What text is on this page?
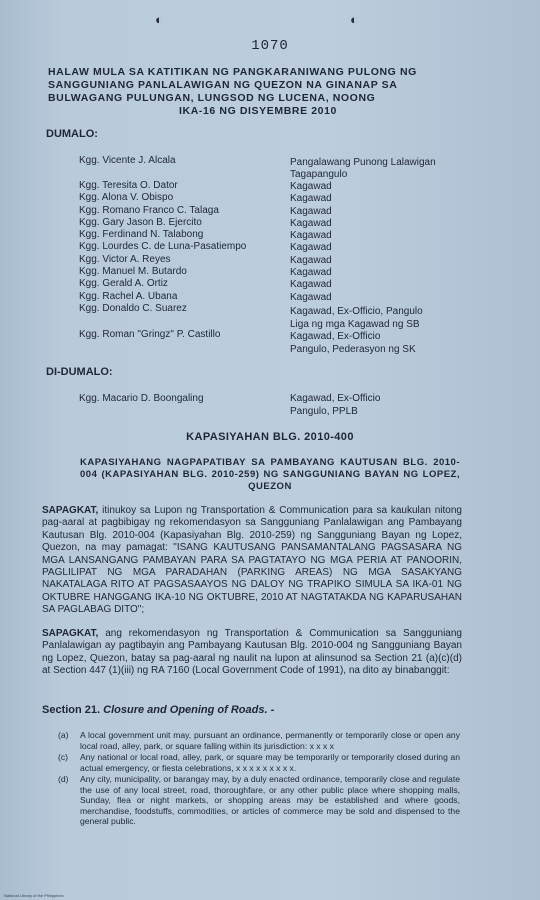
◐	◐
1070
HALAW MULA SA KATITIKAN NG PANGKARANIWANG PULONG NG
SANGGUNIANG PANLALAWIGAN NG QUEZON NA GINANAP SA
BULWAGANG PULUNGAN, LUNGSOD NG LUCENA, NOONG

IKA-16 NG DISYEMBRE 2010
DUMALO:
Kgg. Vicente J. Alcala	Pangalawang Punong Lalawigan
Tagapangulo
Kgg. Teresita O. Dator	Kagawad
Kgg. Alona V. Obispo	Kagawad
Kgg. Romano Franco C. Talaga	Kagawad
Kgg. Gary Jason B. Ejercito	Kagawad
Kgg. Ferdinand N. Talabong	Kagawad
Kgg. Lourdes C. de Luna-Pasatiempo	Kagawad
Kgg. Victor A. Reyes	Kagawad
Kgg. Manuel M. Butardo	Kagawad
Kgg. Gerald A. Ortiz	Kagawad
Kgg. Rachel A. Ubana	Kagawad
Kgg. Donaldo C. Suarez	Kagawad, Ex-Officio, Pangulo
Liga ng mga Kagawad ng SB
Kgg. Roman "Gringz" P. Castillo	Kagawad, Ex-Officio
Pangulo, Pederasyon ng SK
DI-DUMALO:
Kgg. Macario D. Boongaling	Kagawad, Ex-Officio
Pangulo, PPLB
KAPASIYAHAN BLG. 2010-400
KAPASIYAHANG NAGPAPATIBAY SA PAMBAYANG KAUTUSAN BLG. 2010-004 (KAPASIYAHAN BLG. 2010-259) NG SANGGUNIANG BAYAN NG LOPEZ, QUEZON
SAPAGKAT, itinukoy sa Lupon ng Transportation & Communication para sa kaukulan nitong pag-aaral at pagbibigay ng rekomendasyon sa Sangguniang Panlalawigan ang Pambayang Kautusan Blg. 2010-004 (Kapasiyahan Blg. 2010-259) ng Sangguniang Bayan ng Lopez, Quezon, na may pamagat: "ISANG KAUTUSANG PANSAMANTALANG PAGSASARA NG MGA LANSANGANG PAMBAYAN PARA SA PAGTATAYO NG MGA PERIA AT PANOORIN, PAGLILIPAT NG MGA PARADAHAN (PARKING AREAS) NG MGA SASAKYANG NAKATALAGA RITO AT PAGSASAAYOS NG DALOY NG TRAPIKO SIMULA SA IKA-01 NG OKTUBRE HANGGANG IKA-10 NG OKTUBRE, 2010 AT NAGTATAKDA NG KAPARUSAHAN SA PAGLABAG DITO";
SAPAGKAT, ang rekomendasyon ng Transportation & Communication sa Sangguniang Panlalawigan ay pagtibayin ang Pambayang Kautusan Blg. 2010-004 ng Sangguniang Bayan ng Lopez, Quezon, batay sa pag-aaral ng naulit na lupon at alinsunod sa Section 21 (a)(c)(d) at Section 447 (1)(iii) ng RA 7160 (Local Government Code of 1991), na dito ay binabanggit:
Section 21. Closure and Opening of Roads. -
(a)	A local government unit may, pursuant an ordinance, permanently or temporarily close or open any local road, alley, park, or square falling within its jurisdiction: x x x x
(c)	Any national or local road, alley, park, or square may be temporarily or temporarily closed during an actual emergency, or fiesta celebrations, x x x x x x x x x.
(d)	Any city, municipality, or barangay may, by a duly enacted ordinance, temporarily close and regulate the use of any local street, road, thoroughfare, or any other public place where shopping malls, Sunday, flea or night markets, or shopping areas may be established and where goods, merchandise, foodstuffs, commodities, or articles of commerce may be sold and dispensed to the general public.
National Library of the Philippines
